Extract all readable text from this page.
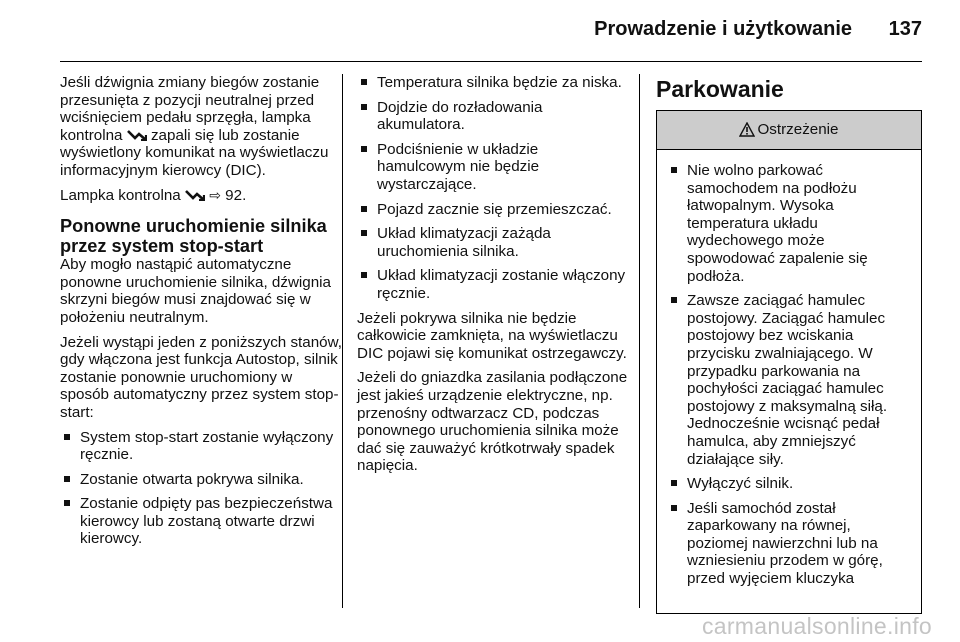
Prowadzenie i użytkowanie 137

Jeśli dźwignia zmiany biegów zostanie przesunięta z pozycji neutralnej przed wciśnięciem pedału sprzęgła, lampka kontrolna zapali się lub zostanie wyświetlony komunikat na wyświetlaczu informacyjnym kierowcy (DIC).

Lampka kontrolna ⇨ 92.

Ponowne uruchomienie silnika przez system stop-start

Aby mogło nastąpić automatyczne ponowne uruchomienie silnika, dźwignia skrzyni biegów musi znajdować się w położeniu neutralnym.

Jeżeli wystąpi jeden z poniższych stanów, gdy włączona jest funkcja Autostop, silnik zostanie ponownie uruchomiony w sposób automatyczny przez system stop-start:

System stop-start zostanie wyłączony ręcznie.
Zostanie otwarta pokrywa silnika.
Zostanie odpięty pas bezpieczeństwa kierowcy lub zostaną otwarte drzwi kierowcy.
Temperatura silnika będzie za niska.
Dojdzie do rozładowania akumulatora.
Podciśnienie w układzie hamulcowym nie będzie wystarczające.
Pojazd zacznie się przemieszczać.
Układ klimatyzacji zażąda uruchomienia silnika.
Układ klimatyzacji zostanie włączony ręcznie.

Jeżeli pokrywa silnika nie będzie całkowicie zamknięta, na wyświetlaczu DIC pojawi się komunikat ostrzegawczy.

Jeżeli do gniazdka zasilania podłączone jest jakieś urządzenie elektryczne, np. przenośny odtwarzacz CD, podczas ponownego uruchomienia silnika może dać się zauważyć krótkotrwały spadek napięcia.

Parkowanie
Ostrzeżenie
Nie wolno parkować samochodem na podłożu łatwopalnym. Wysoka temperatura układu wydechowego może spowodować zapalenie się podłoża.
Zawsze zaciągać hamulec postojowy. Zaciągać hamulec postojowy bez wciskania przycisku zwalniającego. W przypadku parkowania na pochyłości zaciągać hamulec postojowy z maksymalną siłą. Jednocześnie wcisnąć pedał hamulca, aby zmniejszyć działające siły.
Wyłączyć silnik.
Jeśli samochód został zaparkowany na równej, poziomej nawierzchni lub na wzniesieniu przodem w górę, przed wyjęciem kluczyka
carmanualsonline.info
